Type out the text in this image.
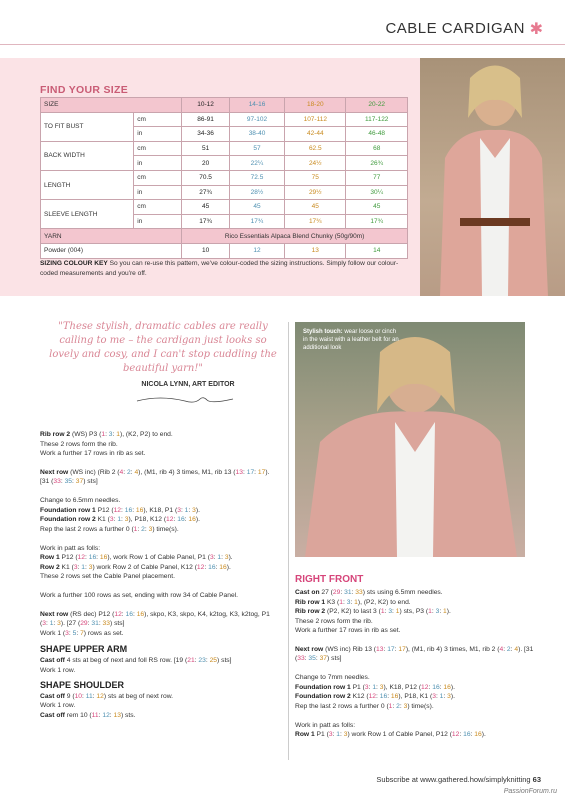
CABLE CARDIGAN ✱
FIND YOUR SIZE
SIZE		10-12	14-16	18-20	20-22
TO FIT BUST	cm	86-91	97-102	107-112	117-122
	in	34-36	38-40	42-44	46-48
BACK WIDTH	cm	51	57	62.5	68
	in	20	22¼	24½	26¾
LENGTH	cm	70.5	72.5	75	77
	in	27¾	28½	29½	30¼
SLEEVE LENGTH	cm	45	45	45	45
	in	17¾	17¾	17¾	17¾
YARN		Rico Essentials Alpaca Blend Chunky (50g/90m)			
Powder (004)		10	12	13	14
SIZING COLOUR KEY So you can re-use this pattern, we've colour-coded the sizing instructions. Simply follow our colour-coded measurements and you're off.
Stylish touch: wear loose or cinch in the waist with a leather belt for an additional look
"These stylish, dramatic cables are really calling to me – the cardigan just looks so lovely and cosy, and I can't stop cuddling the beautiful yarn!"
NICOLA LYNN, ART EDITOR
RIGHT FRONT
Subscribe at www.gathered.how/simplyknitting 63
PassionForum.ru
Rib row 2 (WS) P3 (1: 3: 1), (K2, P2) to end.
These 2 rows form the rib.
Work a further 17 rows in rib as set.
Next row (WS inc) (Rib 2 (4: 2: 4), (M1, rib 4) 3 times, M1, rib 13 (13: 17: 17). [31 (33: 35: 37) sts]
Change to 6.5mm needles.
Foundation row 1 P12 (12: 16: 16), K18, P1 (3: 1: 3).
Foundation row 2 K1 (3: 1: 3), P18, K12 (12: 16: 16).
Rep the last 2 rows a further 0 (1: 2: 3) time(s).
Work in patt as folls:
Row 1 P12 (12: 16: 16), work Row 1 of Cable Panel, P1 (3: 1: 3).
Row 2 K1 (3: 1: 3) work Row 2 of Cable Panel, K12 (12: 16: 16).
These 2 rows set the Cable Panel placement.
Work a further 100 rows as set, ending with row 34 of Cable Panel.
Next row (RS dec) P12 (12: 16: 16), skpo, K3, skpo, K4, k2tog, K3, k2tog, P1 (3: 1: 3). [27 (29: 31: 33) sts]
Work 1 (3: 5: 7) rows as set.
SHAPE UPPER ARM
Cast off 4 sts at beg of next and foll RS row. [19 (21: 23: 25) sts]
Work 1 row.
SHAPE SHOULDER
Cast off 9 (10: 11: 12) sts at beg of next row.
Work 1 row.
Cast off rem 10 (11: 12: 13) sts.
Cast on 27 (29: 31: 33) sts using 6.5mm needles.
Rib row 1 K3 (1: 3: 1), (P2, K2) to end.
Rib row 2 (P2, K2) to last 3 (1: 3: 1) sts, P3 (1: 3: 1).
These 2 rows form the rib.
Work a further 17 rows in rib as set.
Next row (WS inc) Rib 13 (13: 17: 17), (M1, rib 4) 3 times, M1, rib 2 (4: 2: 4). [31 (33: 35: 37) sts]
Change to 7mm needles.
Foundation row 1 P1 (3: 1: 3), K18, P12 (12: 16: 16).
Foundation row 2 K12 (12: 16: 16), P18, K1 (3: 1: 3).
Rep the last 2 rows a further 0 (1: 2: 3) time(s).
Work in patt as folls:
Row 1 P1 (3: 1: 3) work Row 1 of Cable Panel, P12 (12: 16: 16).
